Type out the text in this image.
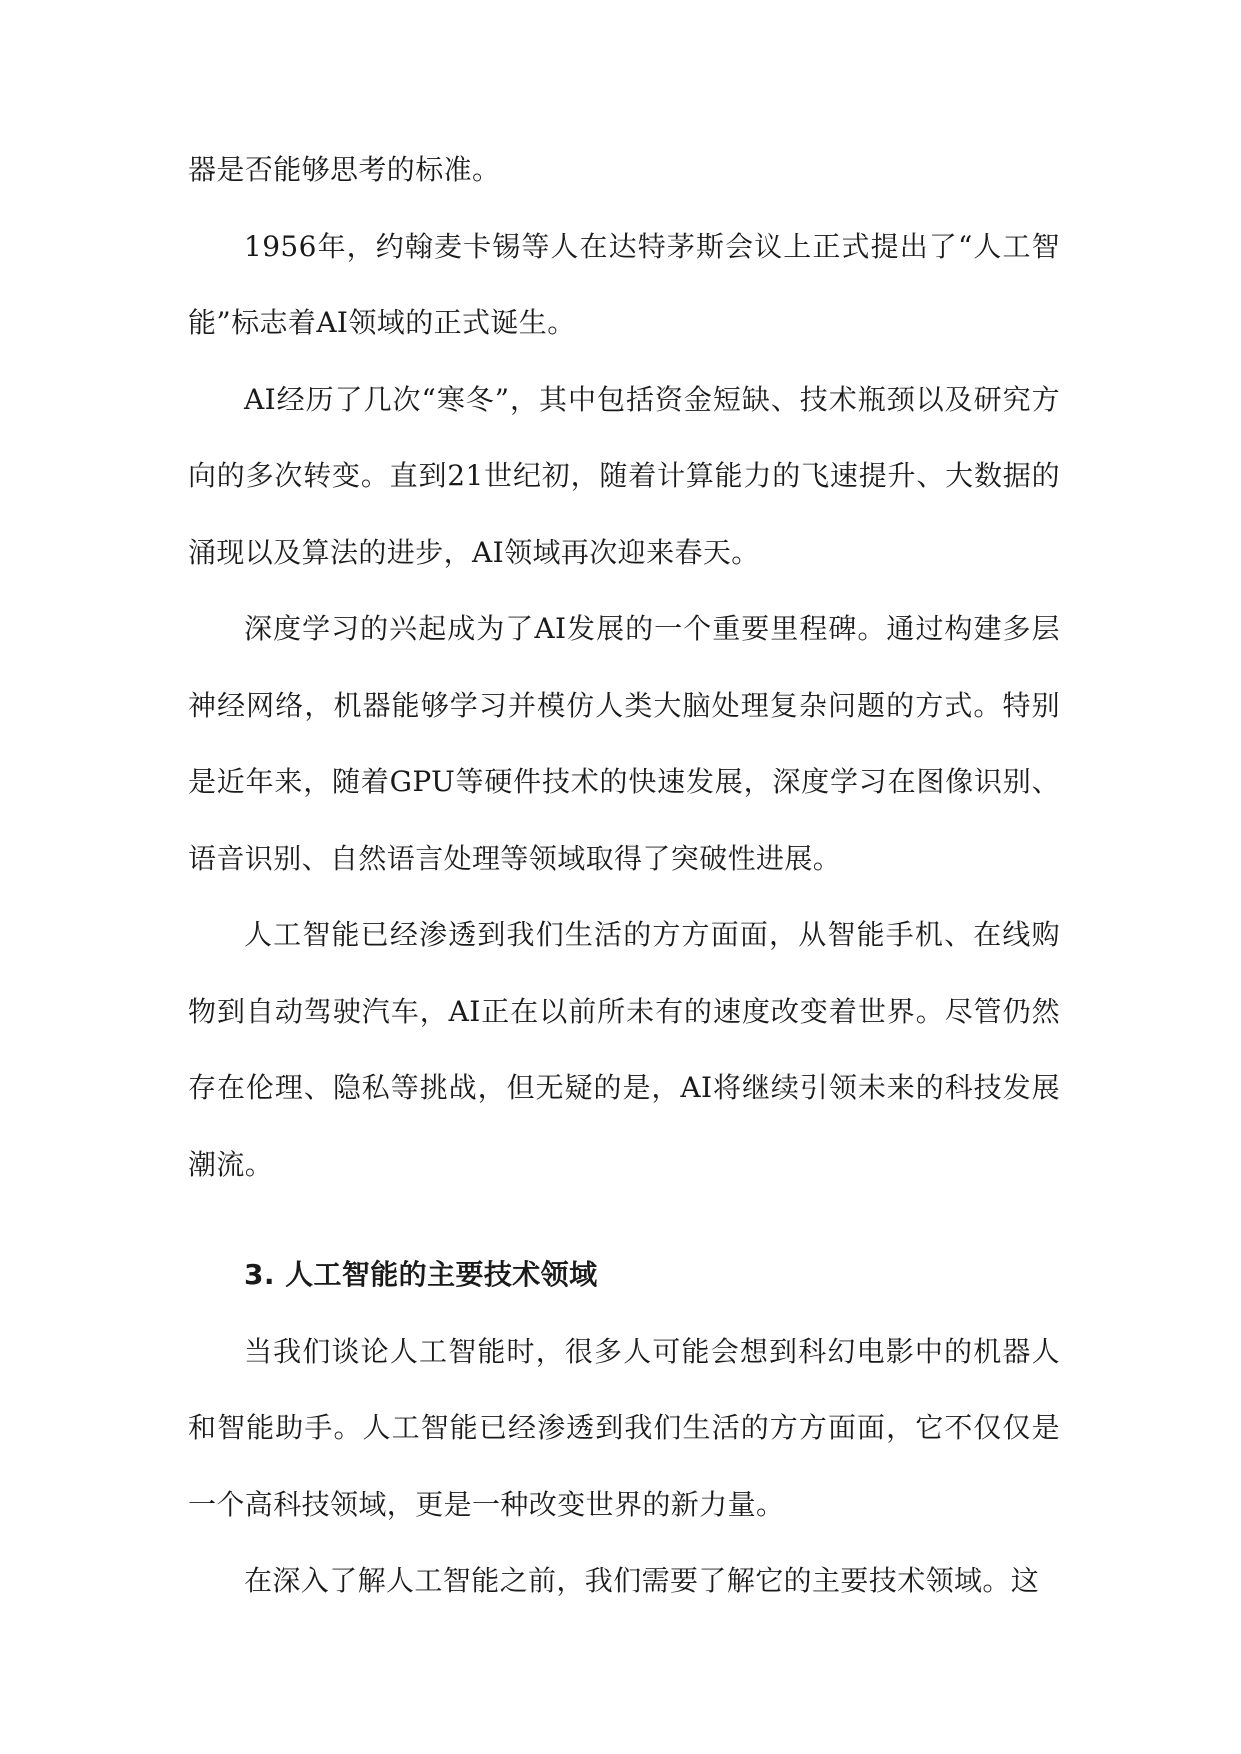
器是否能够思考的标准。

1956年，约翰麦卡锡等人在达特茅斯会议上正式提出了“人工智能”标志着AI领域的正式诞生。

AI经历了几次“寒冬”，其中包括资金短缺、技术瓶颈以及研究方向的多次转变。直到21世纪初，随着计算能力的飞速提升、大数据的涌现以及算法的进步，AI领域再次迎来春天。

深度学习的兴起成为了AI发展的一个重要里程碑。通过构建多层神经网络，机器能够学习并模仿人类大脑处理复杂问题的方式。特别是近年来，随着GPU等硬件技术的快速发展，深度学习在图像识别、语音识别、自然语言处理等领域取得了突破性进展。

人工智能已经渗透到我们生活的方方面面，从智能手机、在线购物到自动驾驶汽车，AI正在以前所未有的速度改变着世界。尽管仍然存在伦理、隐私等挑战，但无疑的是，AI将继续引领未来的科技发展潮流。

3. 人工智能的主要技术领域

当我们谈论人工智能时，很多人可能会想到科幻电影中的机器人和智能助手。人工智能已经渗透到我们生活的方方面面，它不仅仅是一个高科技领域，更是一种改变世界的新力量。

在深入了解人工智能之前，我们需要了解它的主要技术领域。这
